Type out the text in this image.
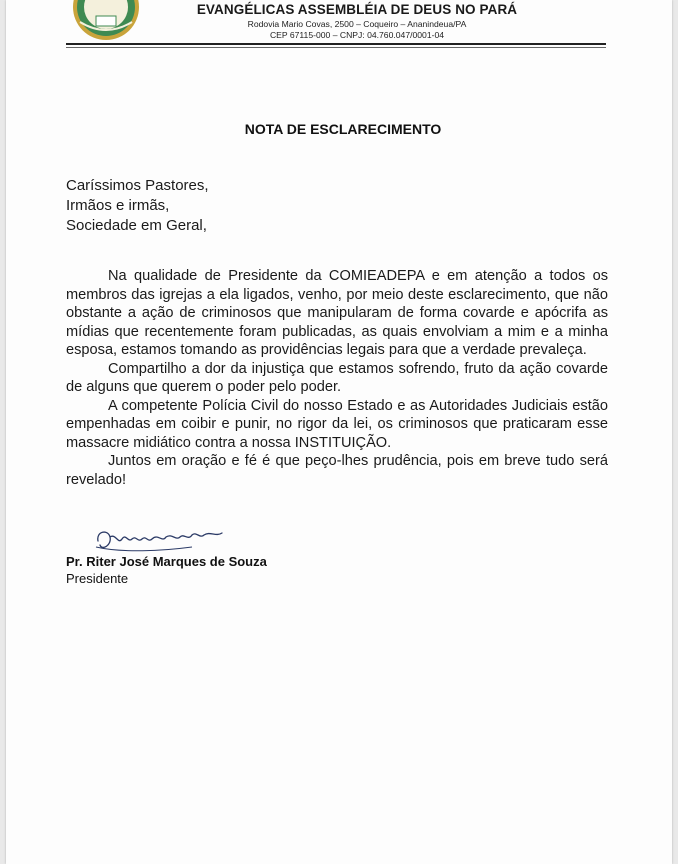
EVANGÉLICAS ASSEMBLÉIA DE DEUS NO PARÁ
Rodovia Mario Covas, 2500 – Coqueiro – Ananindeua/PA
CEP 67115-000 – CNPJ: 04.760.047/0001-04
NOTA DE ESCLARECIMENTO
Caríssimos Pastores,
Irmãos e irmãs,
Sociedade em Geral,

Na qualidade de Presidente da COMIEADEPA e em atenção a todos os membros das igrejas a ela ligados, venho, por meio deste esclarecimento, que não obstante a ação de criminosos que manipularam de forma covarde e apócrifa as mídias que recentemente foram publicadas, as quais envolviam a mim e a minha esposa, estamos tomando as providências legais para que a verdade prevaleça.

Compartilho a dor da injustiça que estamos sofrendo, fruto da ação covarde de alguns que querem o poder pelo poder.

A competente Polícia Civil do nosso Estado e as Autoridades Judiciais estão empenhadas em coibir e punir, no rigor da lei, os criminosos que praticaram esse massacre midiático contra a nossa INSTITUIÇÃO.

Juntos em oração e fé é que peço-lhes prudência, pois em breve tudo será revelado!

Pr. Riter José Marques de Souza
Presidente
